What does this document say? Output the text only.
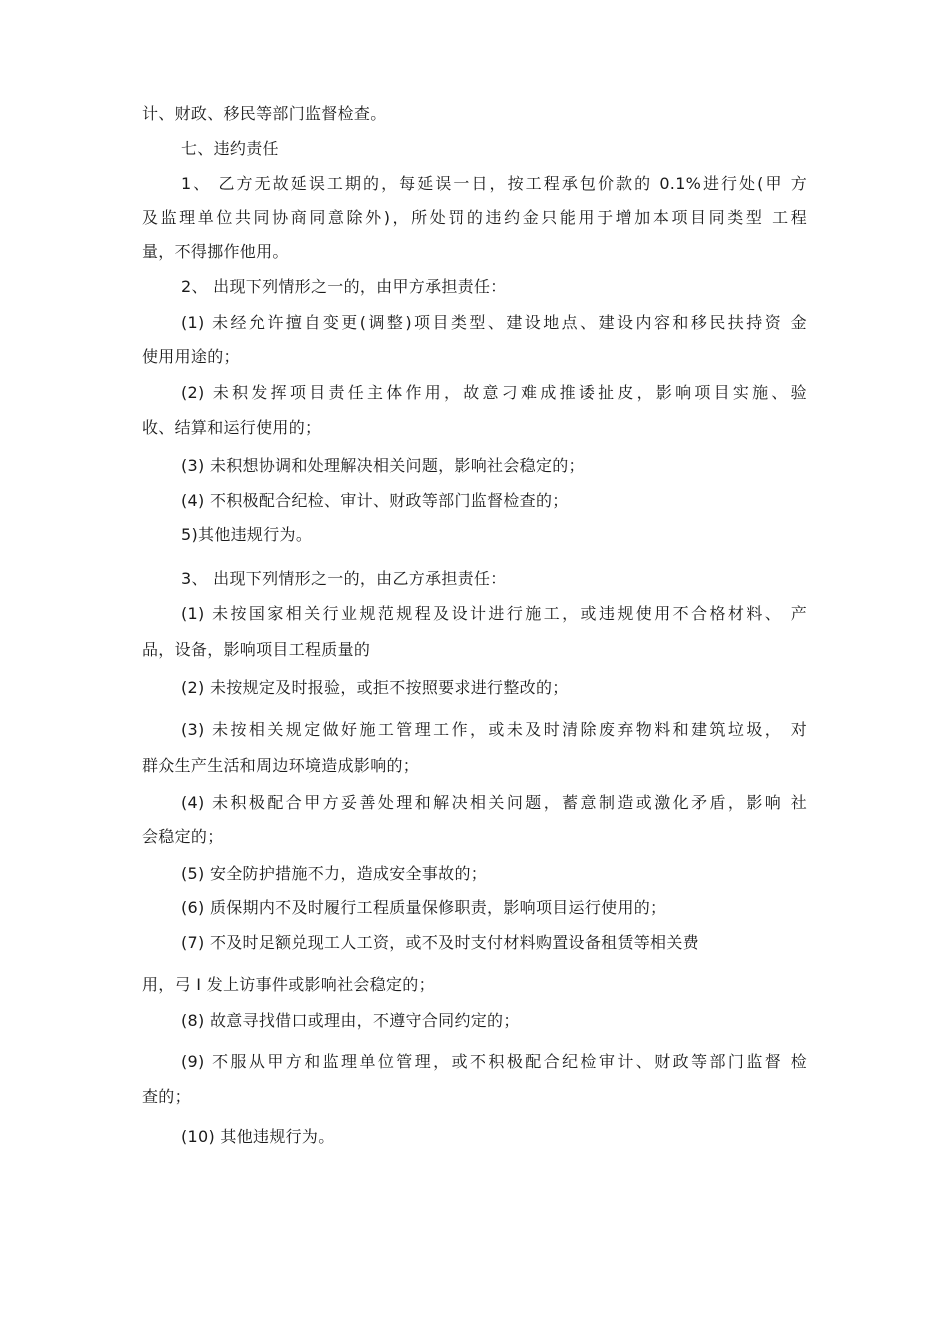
计、财政、移民等部门监督检查。
七、违约责任
1、 乙方无故延误工期的，每延误一日，按工程承包价款的 0.1%进行处(甲 方
及监理单位共同协商同意除外)，所处罚的违约金只能用于增加本项目同类型 工程
量，不得挪作他用。
2、 出现下列情形之一的，由甲方承担责任：
(1) 未经允许擅自变更(调整)项目类型、建设地点、建设内容和移民扶持资 金
使用用途的；
(2) 未积发挥项目责任主体作用，故意刁难成推诿扯皮，影响项目实施、验
收、结算和运行使用的；
(3) 未积想协调和处理解决相关问题，影响社会稳定的；
(4) 不积极配合纪检、审计、财政等部门监督检查的；
5)其他违规行为。
3、 出现下列情形之一的，由乙方承担责任：
(1) 未按国家相关行业规范规程及设计进行施工，或违规使用不合格材料、 产
品，设备，影响项目工程质量的
(2) 未按规定及时报验，或拒不按照要求进行整改的；
(3) 未按相关规定做好施工管理工作，或未及时清除废弃物料和建筑垃圾， 对
群众生产生活和周边环境造成影响的；
(4) 未积极配合甲方妥善处理和解决相关问题，蓄意制造或激化矛盾，影响 社
会稳定的；
(5) 安全防护措施不力，造成安全事故的；
(6) 质保期内不及时履行工程质量保修职责，影响项目运行使用的；
(7) 不及时足额兑现工人工资，或不及时支付材料购置设备租赁等相关费
用，弓 I 发上访事件或影响社会稳定的；
(8) 故意寻找借口或理由，不遵守合同约定的；
(9) 不服从甲方和监理单位管理，或不积极配合纪检审计、财政等部门监督 检
查的；
(10) 其他违规行为。
